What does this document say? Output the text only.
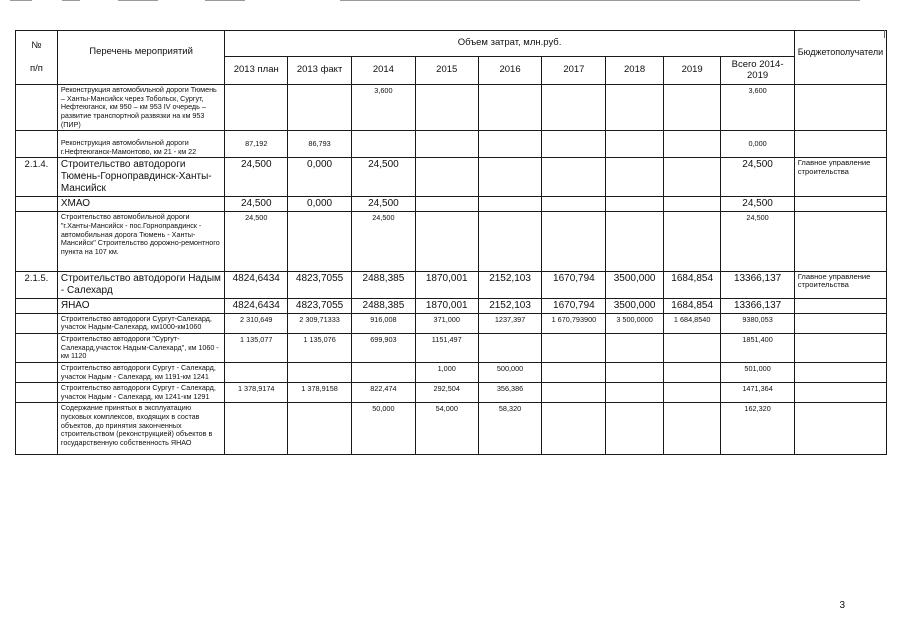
№
п/п	Перечень мероприятий	Объем затрат, млн.руб.									Бюджетополучатели
		2013 план	2013 факт	2014	2015	2016	2017	2018	2019	Всего 2014-2019	
	Реконструкция автомобильной дороги Тюмень – Ханты-Мансийск через Тобольск, Сургут, Нефтеюганск, км 950 – км 953 IV очередь – развитие транспортной развязки на км 953 (ПИР)			3,600						3,600	
	Реконструкция автомобильной дороги г.Нефтеюганск-Мамонтово, км 21 - км 22	87,192	86,793							0,000	
2.1.4.	Строительство автодороги Тюмень-Горноправдинск-Ханты-Мансийск	24,500	0,000	24,500						24,500	Главное управление строительства
	ХМАО	24,500	0,000	24,500						24,500	
	Строительство автомобильной дороги "г.Ханты-Мансийск - пос.Горноправдинск - автомобильная дорога Тюмень - Ханты-Мансийск" Строительство дорожно-ремонтного пункта на 107 км.	24,500		24,500						24,500	
2.1.5.	Строительство автодороги Надым - Салехард	4824,6434	4823,7055	2488,385	1870,001	2152,103	1670,794	3500,000	1684,854	13366,137	Главное управление строительства
	ЯНАО	4824,6434	4823,7055	2488,385	1870,001	2152,103	1670,794	3500,000	1684,854	13366,137	
	Строительство автодороги Сургут-Салехард, участок Надым-Салехард, км1000-км1060	2 310,649	2 309,71333	916,008	371,000	1237,397	1 670,793900	3 500,0000	1 684,8540	9380,053	
	Строительство автодороги "Сургут-Салехард,участок Надым-Салехард", км 1060 - км 1120	1 135,077	1 135,076	699,903	1151,497					1851,400	
	Строительство автодороги Сургут - Салехард, участок Надым - Салехард, км 1191-км 1241				1,000	500,000				501,000	
	Строительство автодороги Сургут - Салехард, участок Надым - Салехард, км 1241-км 1291	1 378,9174	1 378,9158	822,474	292,504	356,386				1471,364	
	Содержание принятых в эксплуатацию пусковых комплексов, входящих в состав объектов, до принятия законченных строительством (реконструкцией) объектов в государственную собственность ЯНАО			50,000	54,000	58,320				162,320	
3
